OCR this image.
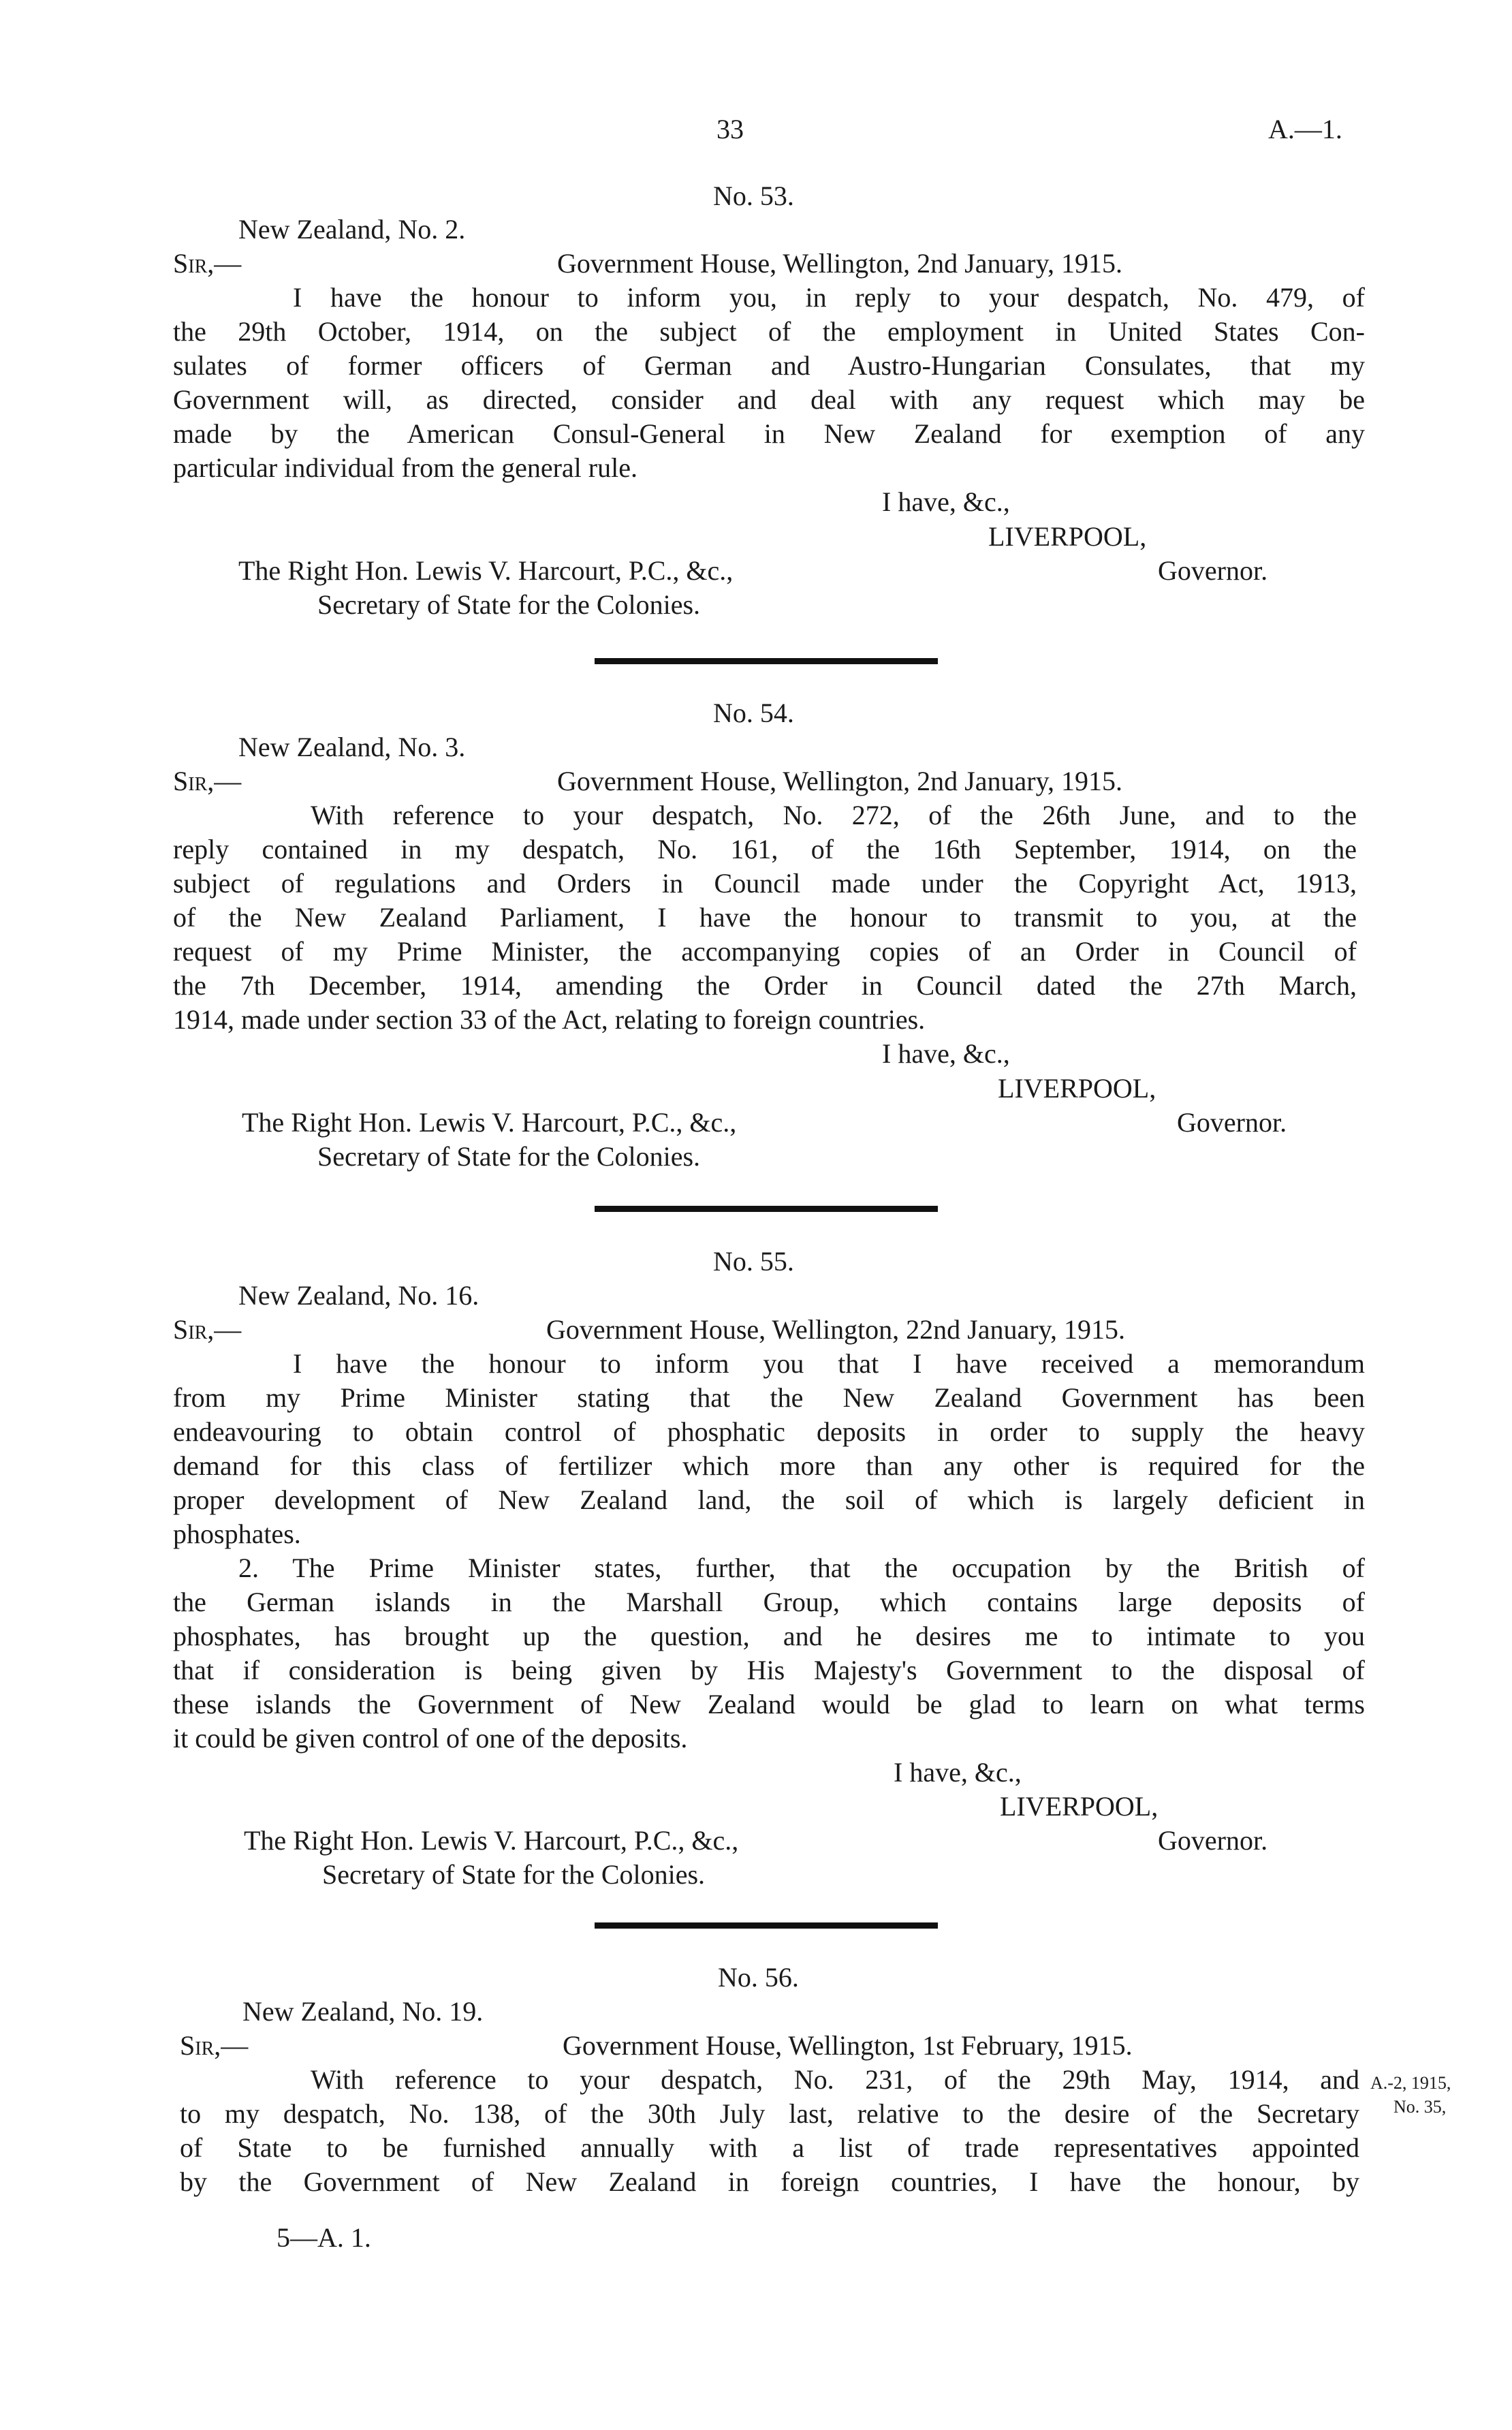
33	A.—1.
No. 53.
New Zealand, No. 2.
Sir,—	Government House, Wellington, 2nd January, 1915.
I have the honour to inform you, in reply to your despatch, No. 479, of
the 29th October, 1914, on the subject of the employment in United States Con-
sulates of former officers of German and Austro-Hungarian Consulates, that my
Government will, as directed, consider and deal with any request which may be
made by the American Consul-General in New Zealand for exemption of any
particular individual from the general rule.
I have, &c.,
LIVERPOOL,
The Right Hon. Lewis V. Harcourt, P.C., &c.,	Governor.
Secretary of State for the Colonies.
No. 54.
New Zealand, No. 3.
Sir,—	Government House, Wellington, 2nd January, 1915.
With reference to your despatch, No. 272, of the 26th June, and to the
reply contained in my despatch, No. 161, of the 16th September, 1914, on the
subject of regulations and Orders in Council made under the Copyright Act, 1913,
of the New Zealand Parliament, I have the honour to transmit to you, at the
request of my Prime Minister, the accompanying copies of an Order in Council of
the 7th December, 1914, amending the Order in Council dated the 27th March,
1914, made under section 33 of the Act, relating to foreign countries.
I have, &c.,
LIVERPOOL,
The Right Hon. Lewis V. Harcourt, P.C., &c.,	Governor.
Secretary of State for the Colonies.
No. 55.
New Zealand, No. 16.
Sir,—	Government House, Wellington, 22nd January, 1915.
I have the honour to inform you that I have received a memorandum
from my Prime Minister stating that the New Zealand Government has been
endeavouring to obtain control of phosphatic deposits in order to supply the heavy
demand for this class of fertilizer which more than any other is required for the
proper development of New Zealand land, the soil of which is largely deficient in
phosphates.
2. The Prime Minister states, further, that the occupation by the British of
the German islands in the Marshall Group, which contains large deposits of
phosphates, has brought up the question, and he desires me to intimate to you
that if consideration is being given by His Majesty's Government to the disposal of
these islands the Government of New Zealand would be glad to learn on what terms
it could be given control of one of the deposits.
I have, &c.,
LIVERPOOL,
The Right Hon. Lewis V. Harcourt, P.C., &c.,	Governor.
Secretary of State for the Colonies.
No. 56.
New Zealand, No. 19.
Sir,—	Government House, Wellington, 1st February, 1915.
With reference to your despatch, No. 231, of the 29th May, 1914, and
to my despatch, No. 138, of the 30th July last, relative to the desire of the Secretary
of State to be furnished annually with a list of trade representatives appointed
by the Government of New Zealand in foreign countries, I have the honour, by
A.-2, 1915,
No. 35,
5—A. 1.
